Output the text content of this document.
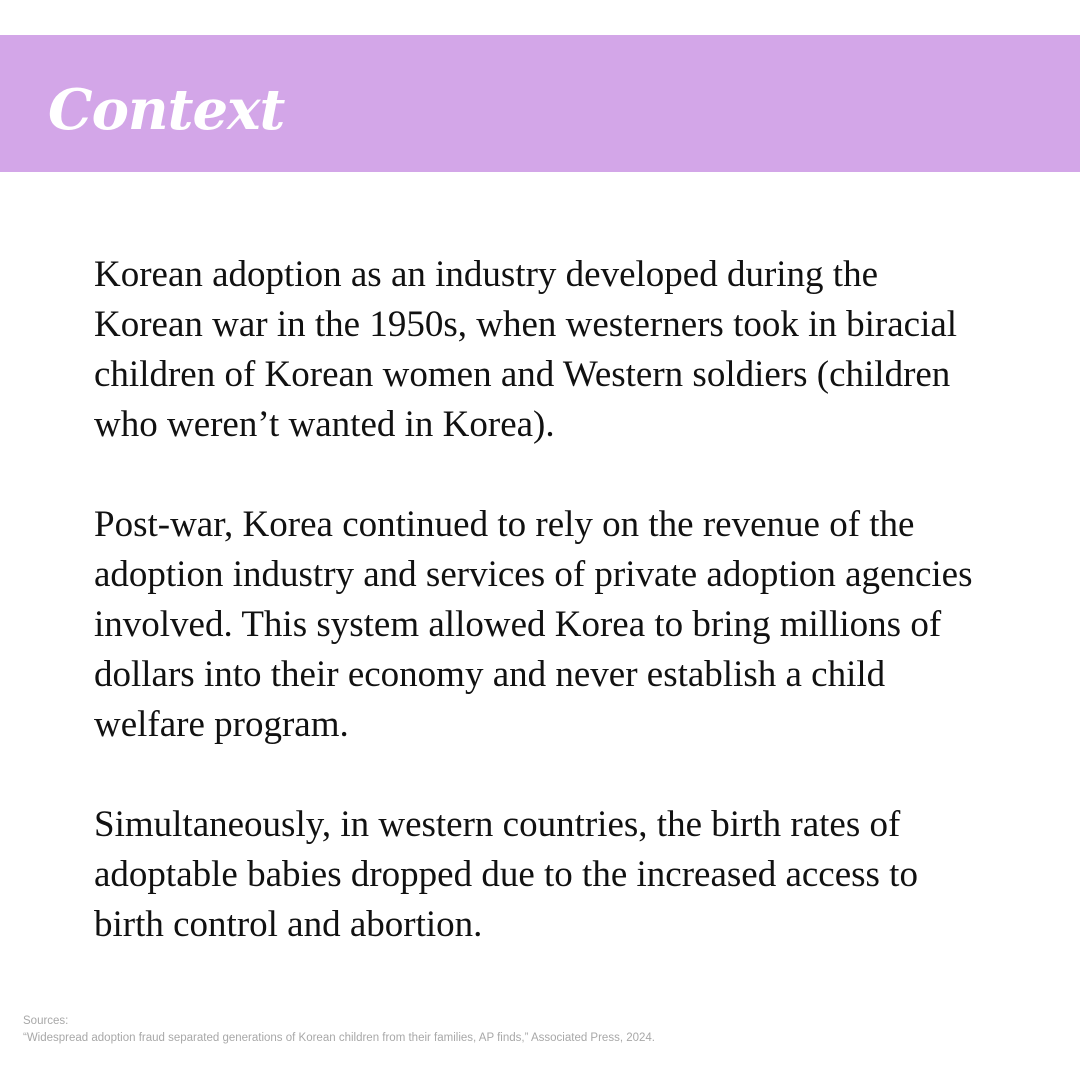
Context

Korean adoption as an industry developed during the Korean war in the 1950s, when westerners took in biracial children of Korean women and Western soldiers (children who weren’t wanted in Korea).

Post-war, Korea continued to rely on the revenue of the adoption industry and services of private adoption agencies involved. This system allowed Korea to bring millions of dollars into their economy and never establish a child welfare program.

Simultaneously, in western countries, the birth rates of adoptable babies dropped due to the increased access to birth control and abortion.

Sources:
“Widespread adoption fraud separated generations of Korean children from their families, AP finds,” Associated Press, 2024.
